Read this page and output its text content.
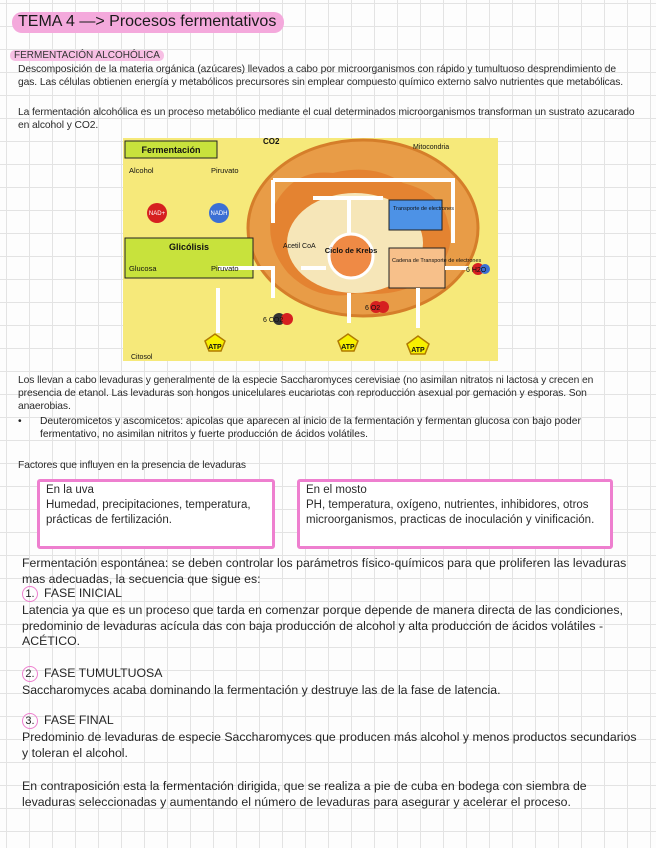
TEMA 4 —> Procesos fermentativos
FERMENTACIÓN ALCOHÓLICA
Descomposición de la materia orgánica (azúcares) llevados a cabo por microorganismos con rápido y tumultuoso desprendimiento de gas. Las células obtienen energía y metabólicos precursores sin emplear compuesto químico externo salvo nutrientes que metabólicas.
La fermentación alcohólica es un proceso metabólico mediante el cual determinados microorganismos transforman un sustrato azucarado en alcohol y CO2.
Fermentación
Alcohol	Piruvato
CO2
NAD+	NADH
Glicólisis
Glucosa	Piruvato
Mitocondria
Transporte de electrones
Acetil CoA Ciclo de Krebs
Cadena de Transporte de electrones
6 H2O
6 O2
6 CO2
ATP	ATP	ATP
Citosol
Los llevan a cabo levaduras y generalmente de la especie Saccharomyces cerevisiae (no asimilan nitratos ni lactosa y crecen en presencia de etanol. Las levaduras son hongos unicelulares eucariotas con reproducción asexual por gemación y esporas. Son anaerobias.
• Deuteromicetos y ascomicetos: apicolas que aparecen al inicio de la fermentación y fermentan glucosa con bajo poder fermentativo, no asimilan nitritos y fuerte producción de ácidos volátiles.
Factores que influyen en la presencia de levaduras
En la uva
Humedad, precipitaciones, temperatura, prácticas de fertilización.
En el mosto
PH, temperatura, oxígeno, nutrientes, inhibidores, otros microorganismos, practicas de inoculación y vinificación.
Fermentación espontánea: se deben controlar los parámetros físico-químicos para que proliferen las levaduras mas adecuadas, la secuencia que sigue es:
1. FASE INICIAL
Latencia ya que es un proceso que tarda en comenzar porque depende de manera directa de las condiciones, predominio de levaduras acícula das con baja producción de alcohol y alta producción de ácidos volátiles - ACÉTICO.
2. FASE TUMULTUOSA
Saccharomyces acaba dominando la fermentación y destruye las de la fase de latencia.
3. FASE FINAL
Predominio de levaduras de especie Saccharomyces que producen más alcohol y menos productos secundarios y toleran el alcohol.
En contraposición esta la fermentación dirigida, que se realiza a pie de cuba en bodega con siembra de levaduras seleccionadas y aumentando el número de levaduras para asegurar y acelerar el proceso.
